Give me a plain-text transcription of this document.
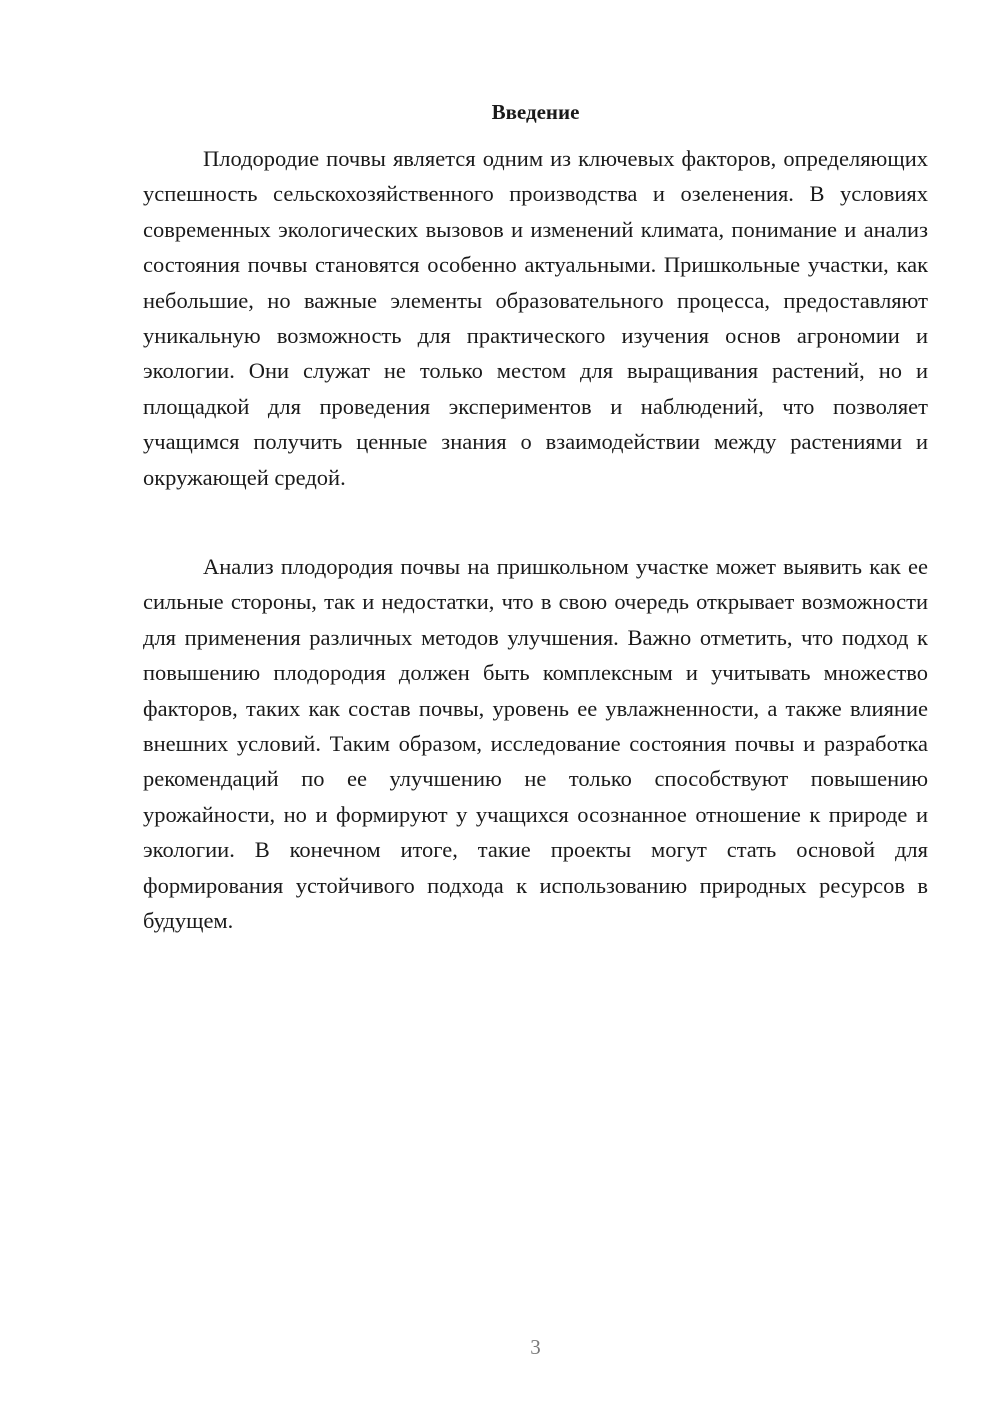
Введение

Плодородие почвы является одним из ключевых факторов, определяющих успешность сельскохозяйственного производства и озеленения. В условиях современных экологических вызовов и изменений климата, понимание и анализ состояния почвы становятся особенно актуальными. Пришкольные участки, как небольшие, но важные элементы образовательного процесса, предоставляют уникальную возможность для практического изучения основ агрономии и экологии. Они служат не только местом для выращивания растений, но и площадкой для проведения экспериментов и наблюдений, что позволяет учащимся получить ценные знания о взаимодействии между растениями и окружающей средой.

Анализ плодородия почвы на пришкольном участке может выявить как ее сильные стороны, так и недостатки, что в свою очередь открывает возможности для применения различных методов улучшения. Важно отметить, что подход к повышению плодородия должен быть комплексным и учитывать множество факторов, таких как состав почвы, уровень ее увлажненности, а также влияние внешних условий. Таким образом, исследование состояния почвы и разработка рекомендаций по ее улучшению не только способствуют повышению урожайности, но и формируют у учащихся осознанное отношение к природе и экологии. В конечном итоге, такие проекты могут стать основой для формирования устойчивого подхода к использованию природных ресурсов в будущем.

3
